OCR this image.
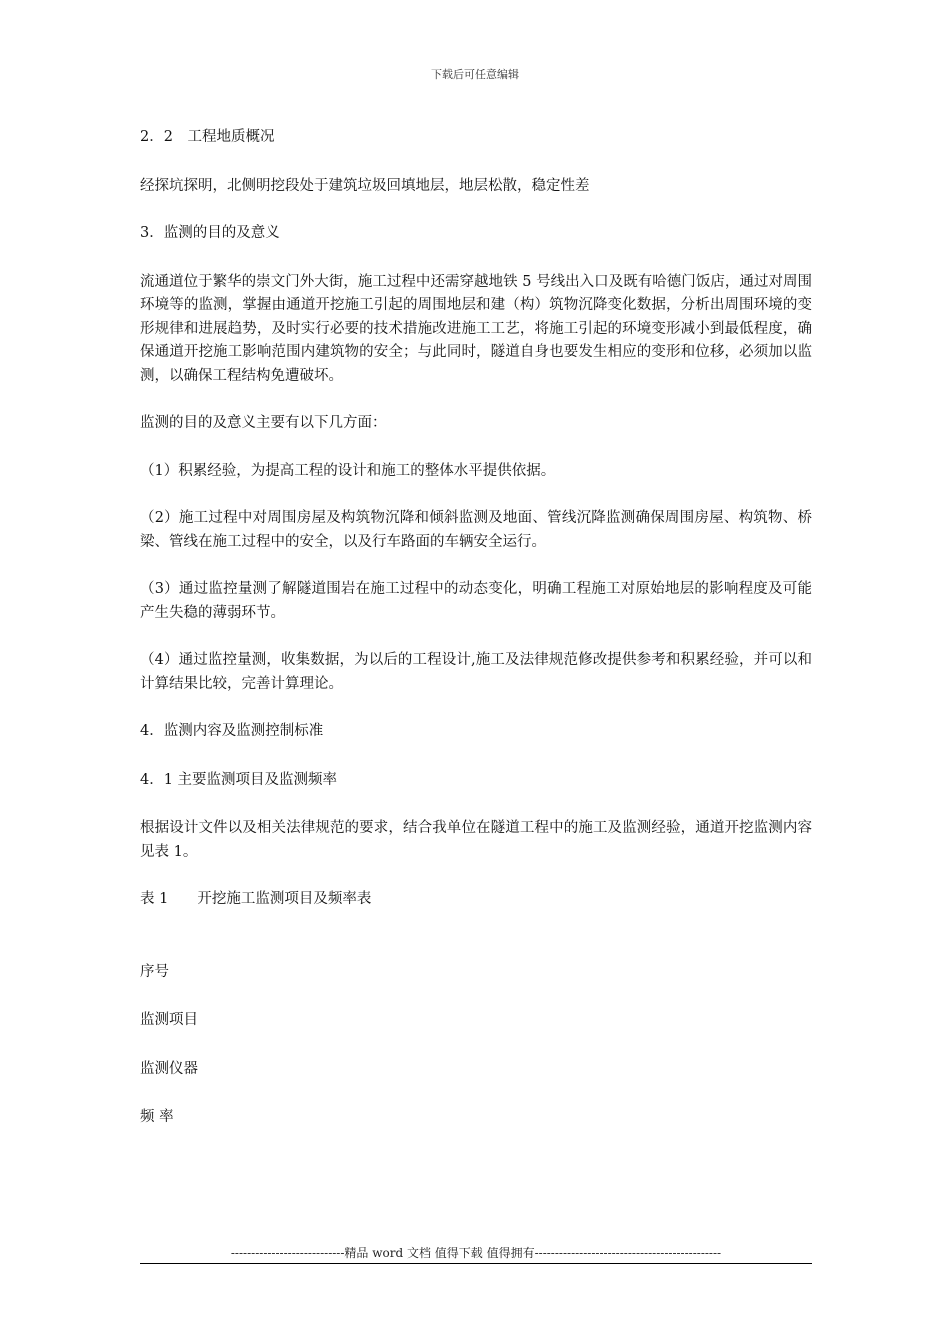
下载后可任意编辑

2．2　工程地质概况

经探坑探明，北侧明挖段处于建筑垃圾回填地层，地层松散，稳定性差

3．监测的目的及意义

流通道位于繁华的崇文门外大街，施工过程中还需穿越地铁 5 号线出入口及既有哈德门饭店，通过对周围环境等的监测，掌握由通道开挖施工引起的周围地层和建（构）筑物沉降变化数据，分析出周围环境的变形规律和进展趋势，及时实行必要的技术措施改进施工工艺，将施工引起的环境变形减小到最低程度，确保通道开挖施工影响范围内建筑物的安全；与此同时，隧道自身也要发生相应的变形和位移，必须加以监测，以确保工程结构免遭破坏。

监测的目的及意义主要有以下几方面：

（1）积累经验，为提高工程的设计和施工的整体水平提供依据。

（2）施工过程中对周围房屋及构筑物沉降和倾斜监测及地面、管线沉降监测确保周围房屋、构筑物、桥梁、管线在施工过程中的安全，以及行车路面的车辆安全运行。

（3）通过监控量测了解隧道围岩在施工过程中的动态变化，明确工程施工对原始地层的影响程度及可能产生失稳的薄弱环节。

（4）通过监控量测，收集数据，为以后的工程设计,施工及法律规范修改提供参考和积累经验，并可以和计算结果比较，完善计算理论。

4．监测内容及监测控制标准

4．1 主要监测项目及监测频率

根据设计文件以及相关法律规范的要求，结合我单位在隧道工程中的施工及监测经验，通道开挖监测内容见表 1。

表 1　　开挖施工监测项目及频率表

序号

监测项目

监测仪器

频 率

----------------------------精品 word 文档 值得下载 值得拥有----------------------------------------------
